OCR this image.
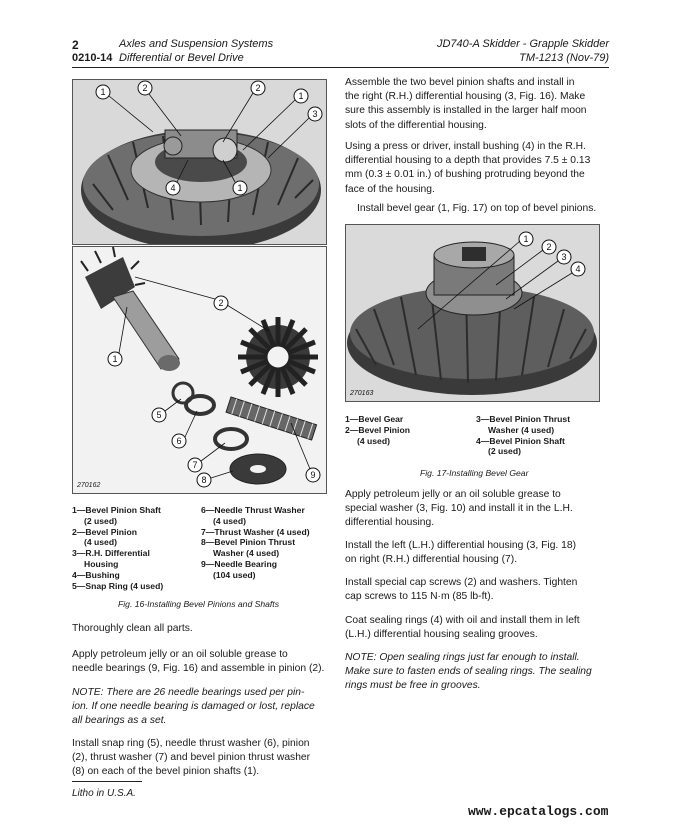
2
0210-14
Axles and Suspension Systems
Differential or Bevel Drive
JD740-A Skidder - Grapple Skidder
TM-1213 (Nov-79)
1	2	2
1
3
4	1
1
2
5
6
7
8	9
270162
1—Bevel Pinion Shaft
(2 used)
2—Bevel Pinion
(4 used)
3—R.H. Differential
Housing
4—Bushing
5—Snap Ring (4 used)
6—Needle Thrust Washer
(4 used)
7—Thrust Washer (4 used)
8—Bevel Pinion Thrust
Washer (4 used)
9—Needle Bearing
(104 used)
Fig. 16-Installing Bevel Pinions and Shafts
Thoroughly clean all parts.
Apply petroleum jelly or an oil soluble grease to
needle bearings (9, Fig. 16) and assemble in pinion (2).
NOTE: There are 26 needle bearings used per pin-
ion. If one needle bearing is damaged or lost, replace
all bearings as a set.
Install snap ring (5), needle thrust washer (6), pinion
(2), thrust washer (7) and bevel pinion thrust washer
(8) on each of the bevel pinion shafts (1).
Assemble the two bevel pinion shafts and install in
the right (R.H.) differential housing (3, Fig. 16). Make
sure this assembly is installed in the larger half moon
slots of the differential housing.
Using a press or driver, install bushing (4) in the R.H.
differential housing to a depth that provides 7.5 ± 0.13
mm (0.3 ± 0.01 in.) of bushing protruding beyond the
face of the housing.
Install bevel gear (1, Fig. 17) on top of bevel pinions.
1
2
3
4
270163
1—Bevel Gear
2—Bevel Pinion
(4 used)
3—Bevel Pinion Thrust
Washer (4 used)
4—Bevel Pinion Shaft
(2 used)
Fig. 17-Installing Bevel Gear
Apply petroleum jelly or an oil soluble grease to
special washer (3, Fig. 10) and install it in the L.H.
differential housing.
Install the left (L.H.) differential housing (3, Fig. 18)
on right (R.H.) differential housing (7).
Install special cap screws (2) and washers. Tighten
cap screws to 115 N·m (85 lb-ft).
Coat sealing rings (4) with oil and install them in left
(L.H.) differential housing sealing grooves.
NOTE: Open sealing rings just far enough to install.
Make sure to fasten ends of sealing rings. The sealing
rings must be free in grooves.
Litho in U.S.A.
www.epcatalogs.com
